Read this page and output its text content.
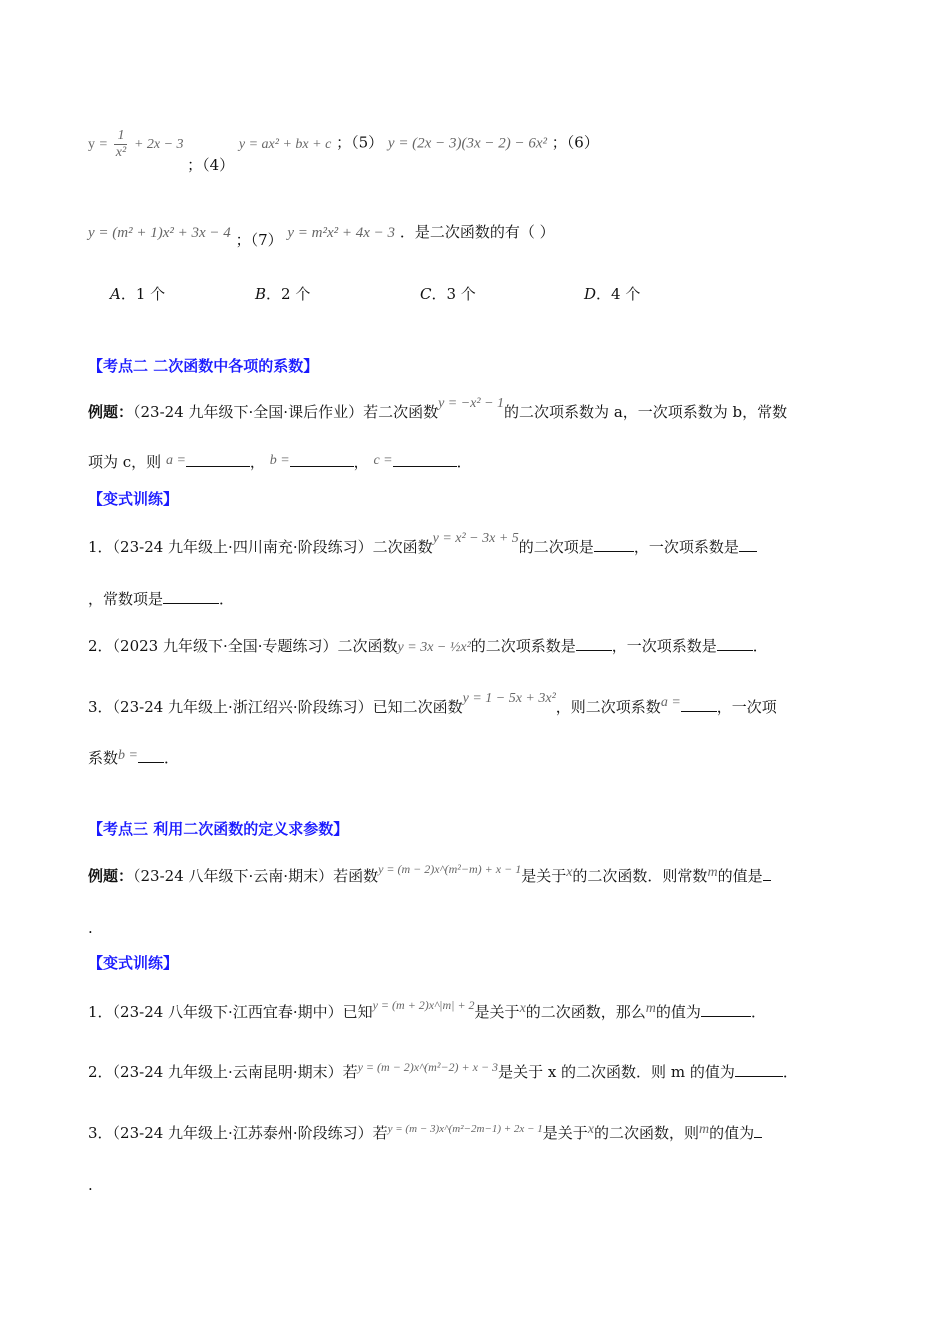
$y = \frac{1}{\text{x²}} + 2x - 3$ ；（4） y = ax² + bx + c ；（5） y = (2x − 3)(3x − 2) − 6x² ；（6）
y = (m² + 1)x² + 3x − 4 ；（7） y = m²x² + 4x − 3 ．是二次函数的有（ ）
A．1 个	B．2 个	C．3 个	D．4 个
【考点二 二次函数中各项的系数】
例题：（23-24 九年级下·全国·课后作业）若二次函数y = −x² − 1的二次项系数为 a，一次项系数为 b，常数
项为 c，则 a =	， b =	， c =	．
【变式训练】
1．（23-24 九年级上·四川南充·阶段练习）二次函数y = x² − 3x + 5的二次项是	，一次项系数是
，常数项是	．
2．（2023 九年级下·全国·专题练习）二次函数y = 3x − ½x²的二次项系数是 ，一次项系数是 ．
3．（23-24 九年级上·浙江绍兴·阶段练习）已知二次函数y = 1 − 5x + 3x²，则二次项系数a = ，一次项
系数b = ．
【考点三 利用二次函数的定义求参数】
例题：（23-24 八年级下·云南·期末）若函数$^{y = (m - 2)x\^{}(m^2-m) + x - 1}$是关于x的二次函数．则常数m的值是
.
【变式训练】
1．（23-24 八年级下·江西宜春·期中）已知$^{y = (m + 2)x\^{}|m| + 2}$是关于x的二次函数，那么m的值为	．
2．（23-24 九年级上·云南昆明·期末）若$^{y = (m - 2)x\^{}(m^2-2) + x - 3}$是关于 x 的二次函数．则 m 的值为	．
3．（23-24 九年级上·江苏泰州·阶段练习）若$^{y = (m - 3)x\^{}(m^2-2m-1) + 2x - 1}$是关于x的二次函数，则m的值为
.
